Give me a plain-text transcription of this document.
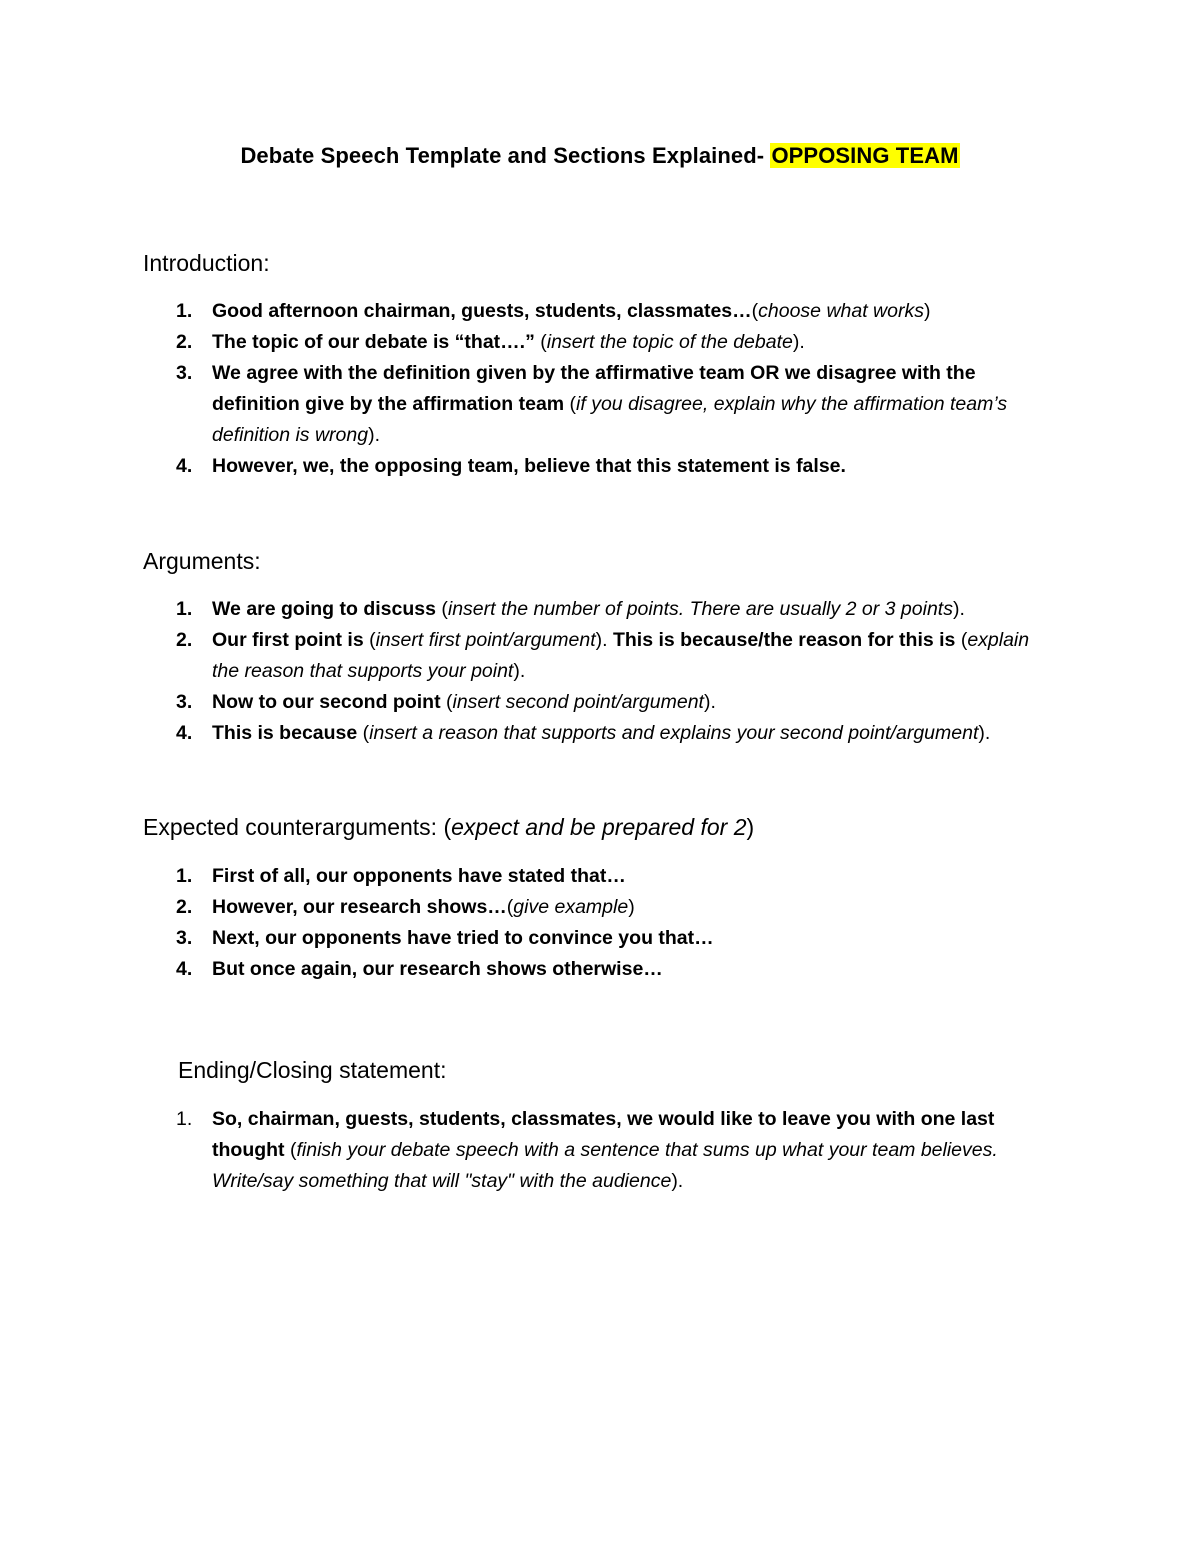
Debate Speech Template and Sections Explained- OPPOSING TEAM
Introduction:
1. Good afternoon chairman, guests, students, classmates…(choose what works)
2. The topic of our debate is “that….” (insert the topic of the debate).
3. We agree with the definition given by the affirmative team OR we disagree with the definition give by the affirmation team (if you disagree, explain why the affirmation team’s definition is wrong).
4. However, we, the opposing team, believe that this statement is false.
Arguments:
1. We are going to discuss (insert the number of points. There are usually 2 or 3 points).
2. Our first point is (insert first point/argument). This is because/the reason for this is (explain the reason that supports your point).
3. Now to our second point (insert second point/argument).
4. This is because (insert a reason that supports and explains your second point/argument).
Expected counterarguments: (expect and be prepared for 2)
1. First of all, our opponents have stated that…
2. However, our research shows…(give example)
3. Next, our opponents have tried to convince you that…
4. But once again, our research shows otherwise…
Ending/Closing statement:
1. So, chairman, guests, students, classmates, we would like to leave you with one last thought (finish your debate speech with a sentence that sums up what your team believes. Write/say something that will "stay" with the audience).
